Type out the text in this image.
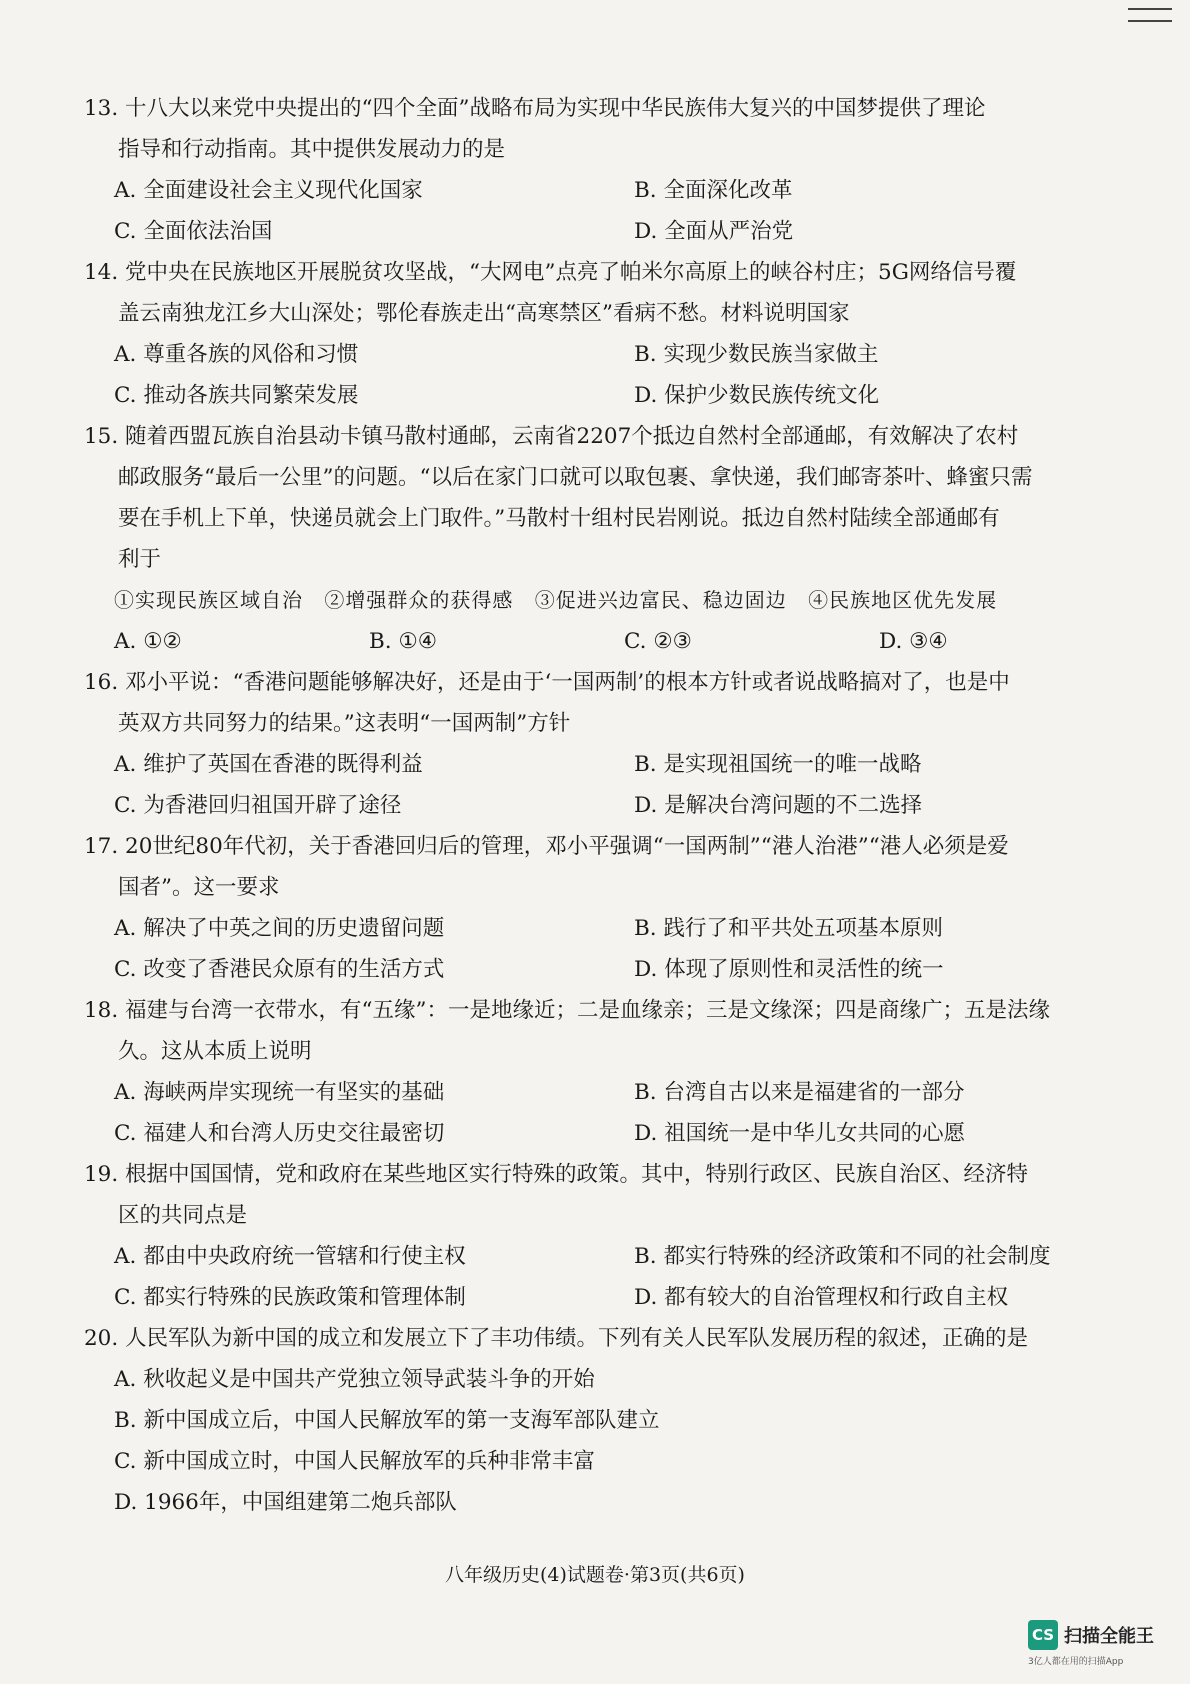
13. 十八大以来党中央提出的“四个全面”战略布局为实现中华民族伟大复兴的中国梦提供了理论
指导和行动指南。其中提供发展动力的是
A. 全面建设社会主义现代化国家	B. 全面深化改革
C. 全面依法治国	D. 全面从严治党
14. 党中央在民族地区开展脱贫攻坚战，“大网电”点亮了帕米尔高原上的峡谷村庄；5G网络信号覆
盖云南独龙江乡大山深处；鄂伦春族走出“高寒禁区”看病不愁。材料说明国家
A. 尊重各族的风俗和习惯	B. 实现少数民族当家做主
C. 推动各族共同繁荣发展	D. 保护少数民族传统文化
15. 随着西盟瓦族自治县动卡镇马散村通邮，云南省2207个抵边自然村全部通邮，有效解决了农村
邮政服务“最后一公里”的问题。“以后在家门口就可以取包裹、拿快递，我们邮寄茶叶、蜂蜜只需
要在手机上下单，快递员就会上门取件。”马散村十组村民岩刚说。抵边自然村陆续全部通邮有
利于
①实现民族区域自治 ②增强群众的获得感 ③促进兴边富民、稳边固边 ④民族地区优先发展
A. ①②	B. ①④	C. ②③	D. ③④
16. 邓小平说：“香港问题能够解决好，还是由于‘一国两制’的根本方针或者说战略搞对了，也是中
英双方共同努力的结果。”这表明“一国两制”方针
A. 维护了英国在香港的既得利益	B. 是实现祖国统一的唯一战略
C. 为香港回归祖国开辟了途径	D. 是解决台湾问题的不二选择
17. 20世纪80年代初，关于香港回归后的管理，邓小平强调“一国两制”“港人治港”“港人必须是爱
国者”。这一要求
A. 解决了中英之间的历史遗留问题	B. 践行了和平共处五项基本原则
C. 改变了香港民众原有的生活方式	D. 体现了原则性和灵活性的统一
18. 福建与台湾一衣带水，有“五缘”：一是地缘近；二是血缘亲；三是文缘深；四是商缘广；五是法缘
久。这从本质上说明
A. 海峡两岸实现统一有坚实的基础	B. 台湾自古以来是福建省的一部分
C. 福建人和台湾人历史交往最密切	D. 祖国统一是中华儿女共同的心愿
19. 根据中国国情，党和政府在某些地区实行特殊的政策。其中，特别行政区、民族自治区、经济特
区的共同点是
A. 都由中央政府统一管辖和行使主权	B. 都实行特殊的经济政策和不同的社会制度
C. 都实行特殊的民族政策和管理体制	D. 都有较大的自治管理权和行政自主权
20. 人民军队为新中国的成立和发展立下了丰功伟绩。下列有关人民军队发展历程的叙述，正确的是
A. 秋收起义是中国共产党独立领导武装斗争的开始
B. 新中国成立后，中国人民解放军的第一支海军部队建立
C. 新中国成立时，中国人民解放军的兵种非常丰富
D. 1966年，中国组建第二炮兵部队
八年级历史(4)试题卷·第3页(共6页)
CS 扫描全能王
3亿人都在用的扫描App
